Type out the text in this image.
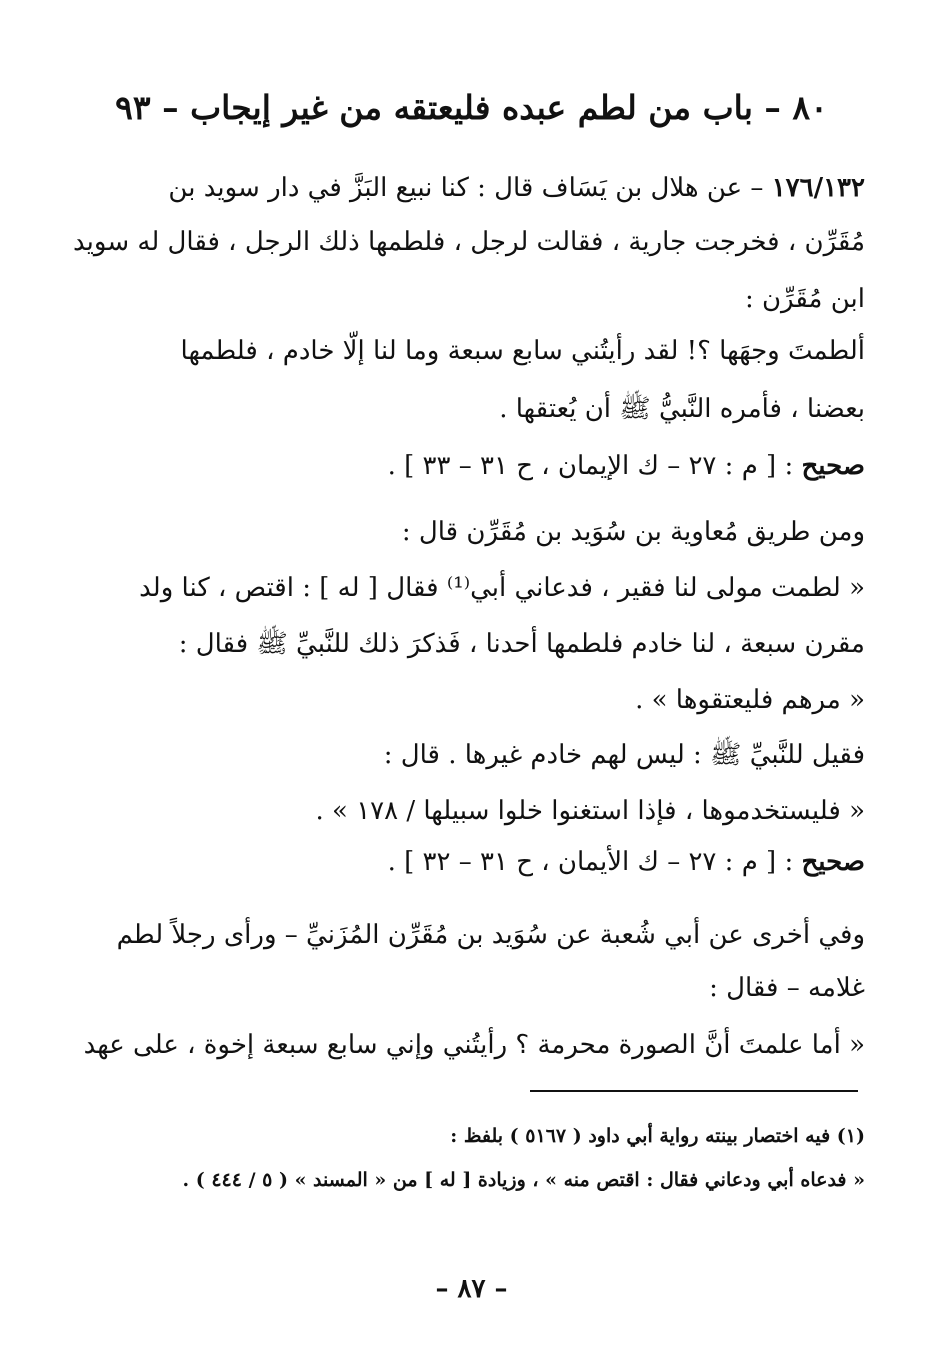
٨٠ – باب من لطم عبده فليعتقه من غير إيجاب – ٩٣
١٧٦/١٣٢ – عن هلال بن يَسَاف قال : كنا نبيع البَزَّ في دار سويد بن
مُقَرِّن ، فخرجت جارية ، فقالت لرجل ، فلطمها ذلك الرجل ، فقال له سويد
ابن مُقَرِّن :
ألطمتَ وجهَها ؟! لقد رأيتُني سابع سبعة وما لنا إلّا خادم ، فلطمها
بعضنا ، فأمره النَّبيُّ ﷺ أن يُعتقها .
صحيح : [ م : ٢٧ – ك الإيمان ، ح ٣١ – ٣٣ ] .
ومن طريق مُعاوية بن سُوَيد بن مُقَرِّن قال :
« لطمت مولى لنا فقير ، فدعاني أبي⁽¹⁾ فقال [ له ] : اقتص ، كنا ولد
مقرن سبعة ، لنا خادم فلطمها أحدنا ، فَذكرَ ذلك للنَّبيِّ ﷺ فقال :
« مرهم فليعتقوها » .
فقيل للنَّبيِّ ﷺ : ليس لهم خادم غيرها . قال :
« فليستخدموها ، فإذا استغنوا خلوا سبيلها / ١٧٨ » .
صحيح : [ م : ٢٧ – ك الأيمان ، ح ٣١ – ٣٢ ] .
وفي أخرى عن أبي شُعبة عن سُوَيد بن مُقَرِّن المُزَنيِّ – ورأى رجلاً لطم
غلامه – فقال :
« أما علمتَ أنَّ الصورة محرمة ؟ رأيتُني وإني سابع سبعة إخوة ، على عهد
(١) فيه اختصار بينته رواية أبي داود ( ٥١٦٧ ) بلفظ :
« فدعاه أبي ودعاني فقال : اقتص منه » ، وزيادة [ له ] من « المسند » ( ٥ / ٤٤٤ ) .
– ٨٧ –
